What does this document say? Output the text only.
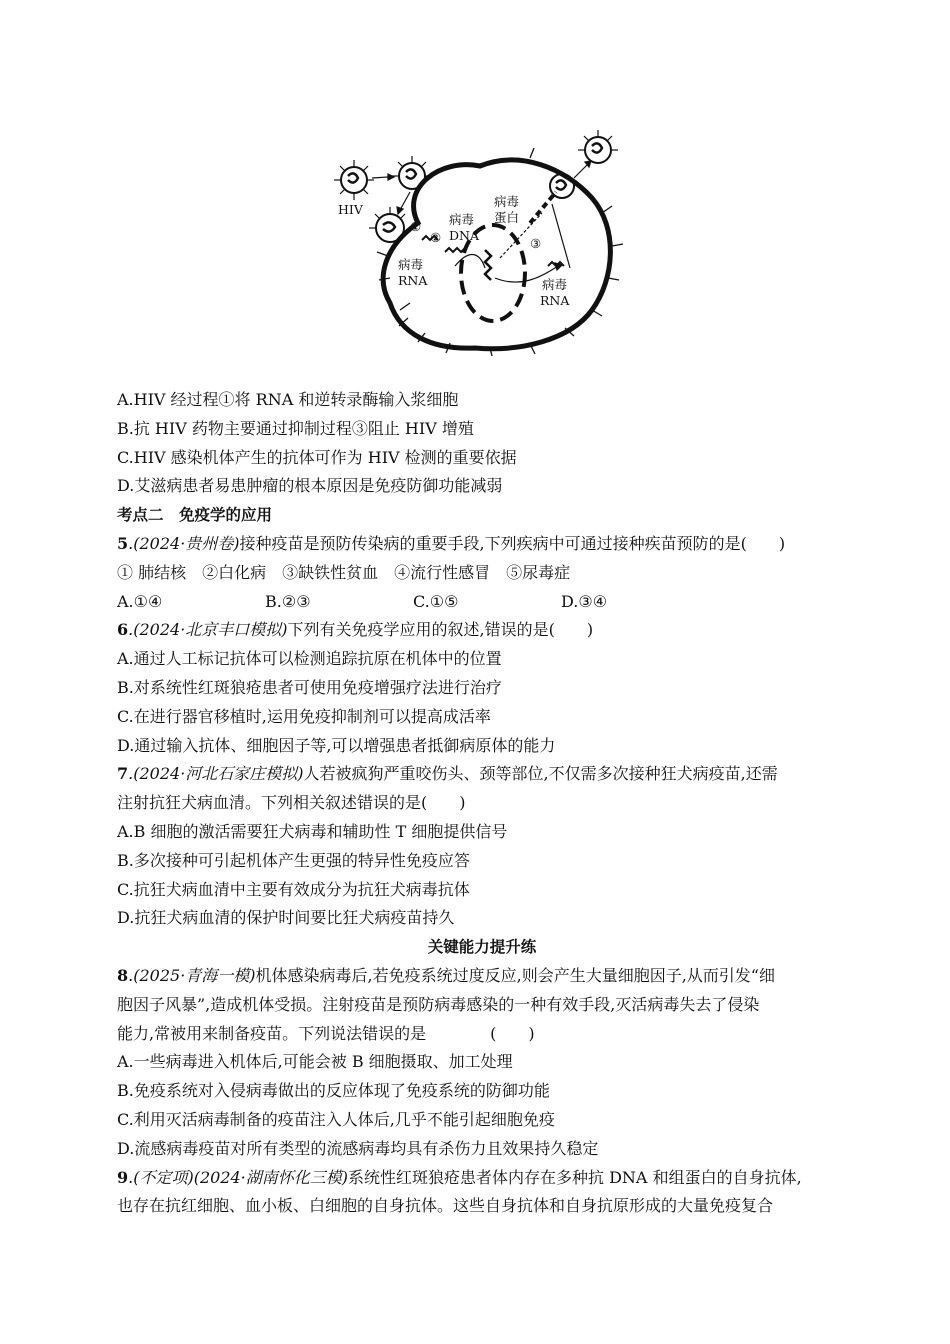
HIV
①
②	③
病毒
DNA
病毒
蛋白
病毒
RNA	病毒
RNA
A.HIV 经过程①将 RNA 和逆转录酶输入浆细胞
B.抗 HIV 药物主要通过抑制过程③阻止 HIV 增殖
C.HIV 感染机体产生的抗体可作为 HIV 检测的重要依据
D.艾滋病患者易患肿瘤的根本原因是免疫防御功能减弱
考点二　免疫学的应用
5.(2024·贵州卷)接种疫苗是预防传染病的重要手段,下列疾病中可通过接种疾苗预防的是(　　)
① 肺结核　②白化病　③缺铁性贫血　④流行性感冒　⑤尿毒症
A.①④	B.②③	C.①⑤	D.③④
6.(2024·北京丰口模拟)下列有关免疫学应用的叙述,错误的是(　　)
A.通过人工标记抗体可以检测追踪抗原在机体中的位置
B.对系统性红斑狼疮患者可使用免疫增强疗法进行治疗
C.在进行器官移植时,运用免疫抑制剂可以提高成活率
D.通过输入抗体、细胞因子等,可以增强患者抵御病原体的能力
7.(2024·河北石家庄模拟)人若被疯狗严重咬伤头、颈等部位,不仅需多次接种狂犬病疫苗,还需
注射抗狂犬病血清。下列相关叙述错误的是(　　)
A.B 细胞的激活需要狂犬病毒和辅助性 T 细胞提供信号
B.多次接种可引起机体产生更强的特异性免疫应答
C.抗狂犬病血清中主要有效成分为抗狂犬病毒抗体
D.抗狂犬病血清的保护时间要比狂犬病疫苗持久
关键能力提升练
8.(2025·青海一模)机体感染病毒后,若免疫系统过度反应,则会产生大量细胞因子,从而引发“细
胞因子风暴”,造成机体受损。注射疫苗是预防病毒感染的一种有效手段,灭活病毒失去了侵染
能力,常被用来制备疫苗。下列说法错误的是　　　　(　　)
A.一些病毒进入机体后,可能会被 B 细胞摄取、加工处理
B.免疫系统对入侵病毒做出的反应体现了免疫系统的防御功能
C.利用灭活病毒制备的疫苗注入人体后,几乎不能引起细胞免疫
D.流感病毒疫苗对所有类型的流感病毒均具有杀伤力且效果持久稳定
9.(不定项)(2024·湖南怀化三模)系统性红斑狼疮患者体内存在多种抗 DNA 和组蛋白的自身抗体,
也存在抗红细胞、血小板、白细胞的自身抗体。这些自身抗体和自身抗原形成的大量免疫复合
